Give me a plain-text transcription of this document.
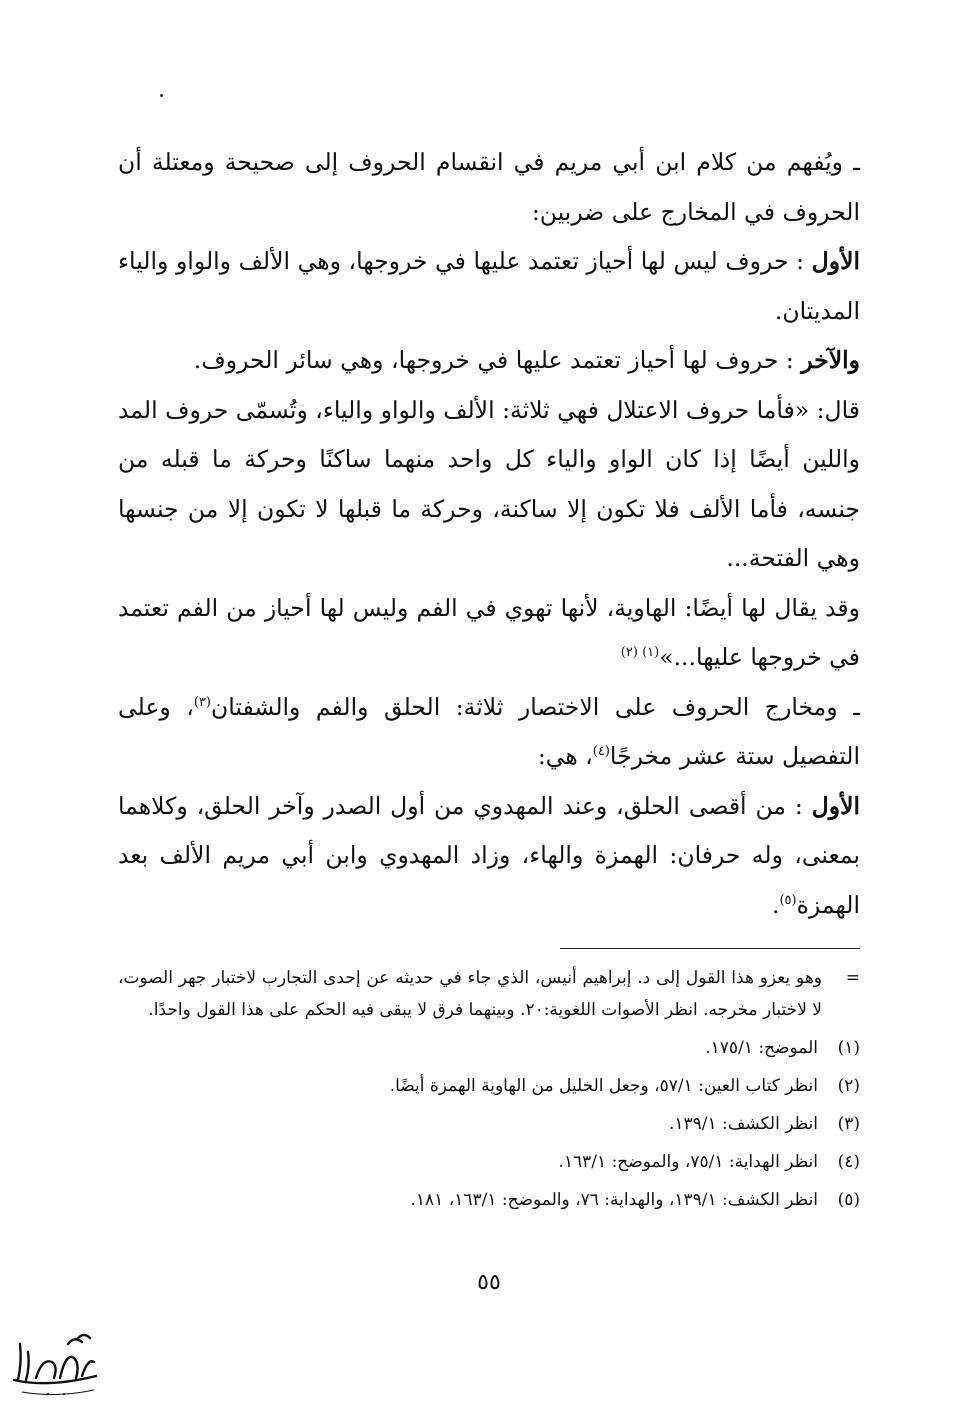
ـ ويُفهم من كلام ابن أبي مريم في انقسام الحروف إلى صحيحة ومعتلة أن الحروف في المخارج على ضربين:

الأول : حروف ليس لها أحياز تعتمد عليها في خروجها، وهي الألف والواو والياء المديتان.

والآخر : حروف لها أحياز تعتمد عليها في خروجها، وهي سائر الحروف.

قال: «فأما حروف الاعتلال فهي ثلاثة: الألف والواو والياء، وتُسمّى حروف المد واللين أيضًا إذا كان الواو والياء كل واحد منهما ساكنًا وحركة ما قبله من جنسه، فأما الألف فلا تكون إلا ساكنة، وحركة ما قبلها لا تكون إلا من جنسها وهي الفتحة...

وقد يقال لها أيضًا: الهاوية، لأنها تهوي في الفم وليس لها أحياز من الفم تعتمد في خروجها عليها...»$^{(١) (٢)}$

ـ ومخارج الحروف على الاختصار ثلاثة: الحلق والفم والشفتان$^{(٣)}$، وعلى التفصيل ستة عشر مخرجًا$^{(٤)}$، هي:

الأول : من أقصى الحلق، وعند المهدوي من أول الصدر وآخر الحلق، وكلاهما بمعنى، وله حرفان: الهمزة والهاء، وزاد المهدوي وابن أبي مريم الألف بعد الهمزة$^{(٥)}$.

=
وهو يعزو هذا القول إلى د. إبراهيم أنيس، الذي جاء في حديثه عن إحدى التجارب لاختبار جهر الصوت، لا لاختبار مخرجه. انظر الأصوات اللغوية:٢٠. وبينهما فرق لا يبقى فيه الحكم على هذا القول واحدًا.
(١)
الموضح: ١٧٥/١.
(٢)
انظر كتاب العين: ٥٧/١، وجعل الخليل من الهاوية الهمزة أيضًا.
(٣)
انظر الكشف: ١٣٩/١.
(٤)
انظر الهداية: ٧٥/١، والموضح: ١٦٣/١.
(٥)
انظر الكشف: ١٣٩/١، والهداية: ٧٦، والموضح: ١٦٣/١، ١٨١.
٥٥
